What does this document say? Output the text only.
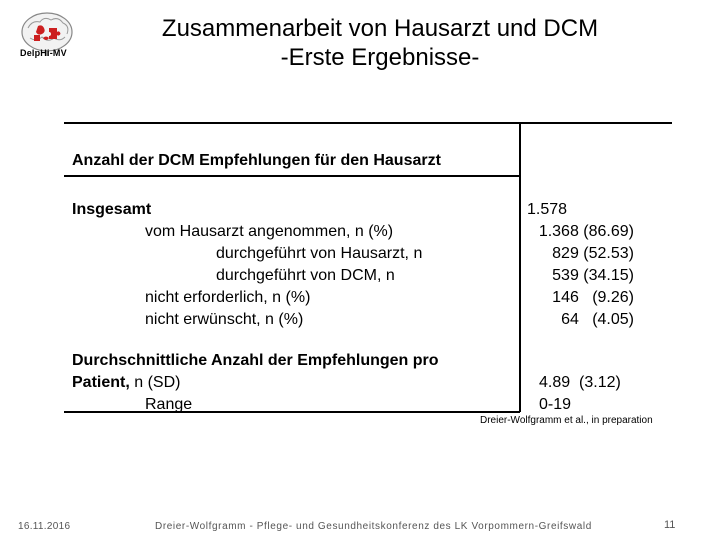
DelpHi-MV
Zusammenarbeit von Hausarzt und DCM
-Erste Ergebnisse-
Anzahl der DCM Empfehlungen für den Hausarzt
Insgesamt
vom Hausarzt angenommen, n (%)
durchgeführt von Hausarzt, n
durchgeführt von DCM, n
nicht erforderlich, n (%)
nicht erwünscht, n (%)
Durchschnittliche Anzahl der Empfehlungen pro
Patient, n (SD)
Range
1.578
1.368 (86.69)
829 (52.53)
539 (34.15)
146   (9.26)
64   (4.05)
4.89  (3.12)
0-19
Dreier-Wolfgramm et al., in preparation
16.11.2016	Dreier-Wolfgramm - Pflege- und Gesundheitskonferenz des LK Vorpommern-Greifswald	11
